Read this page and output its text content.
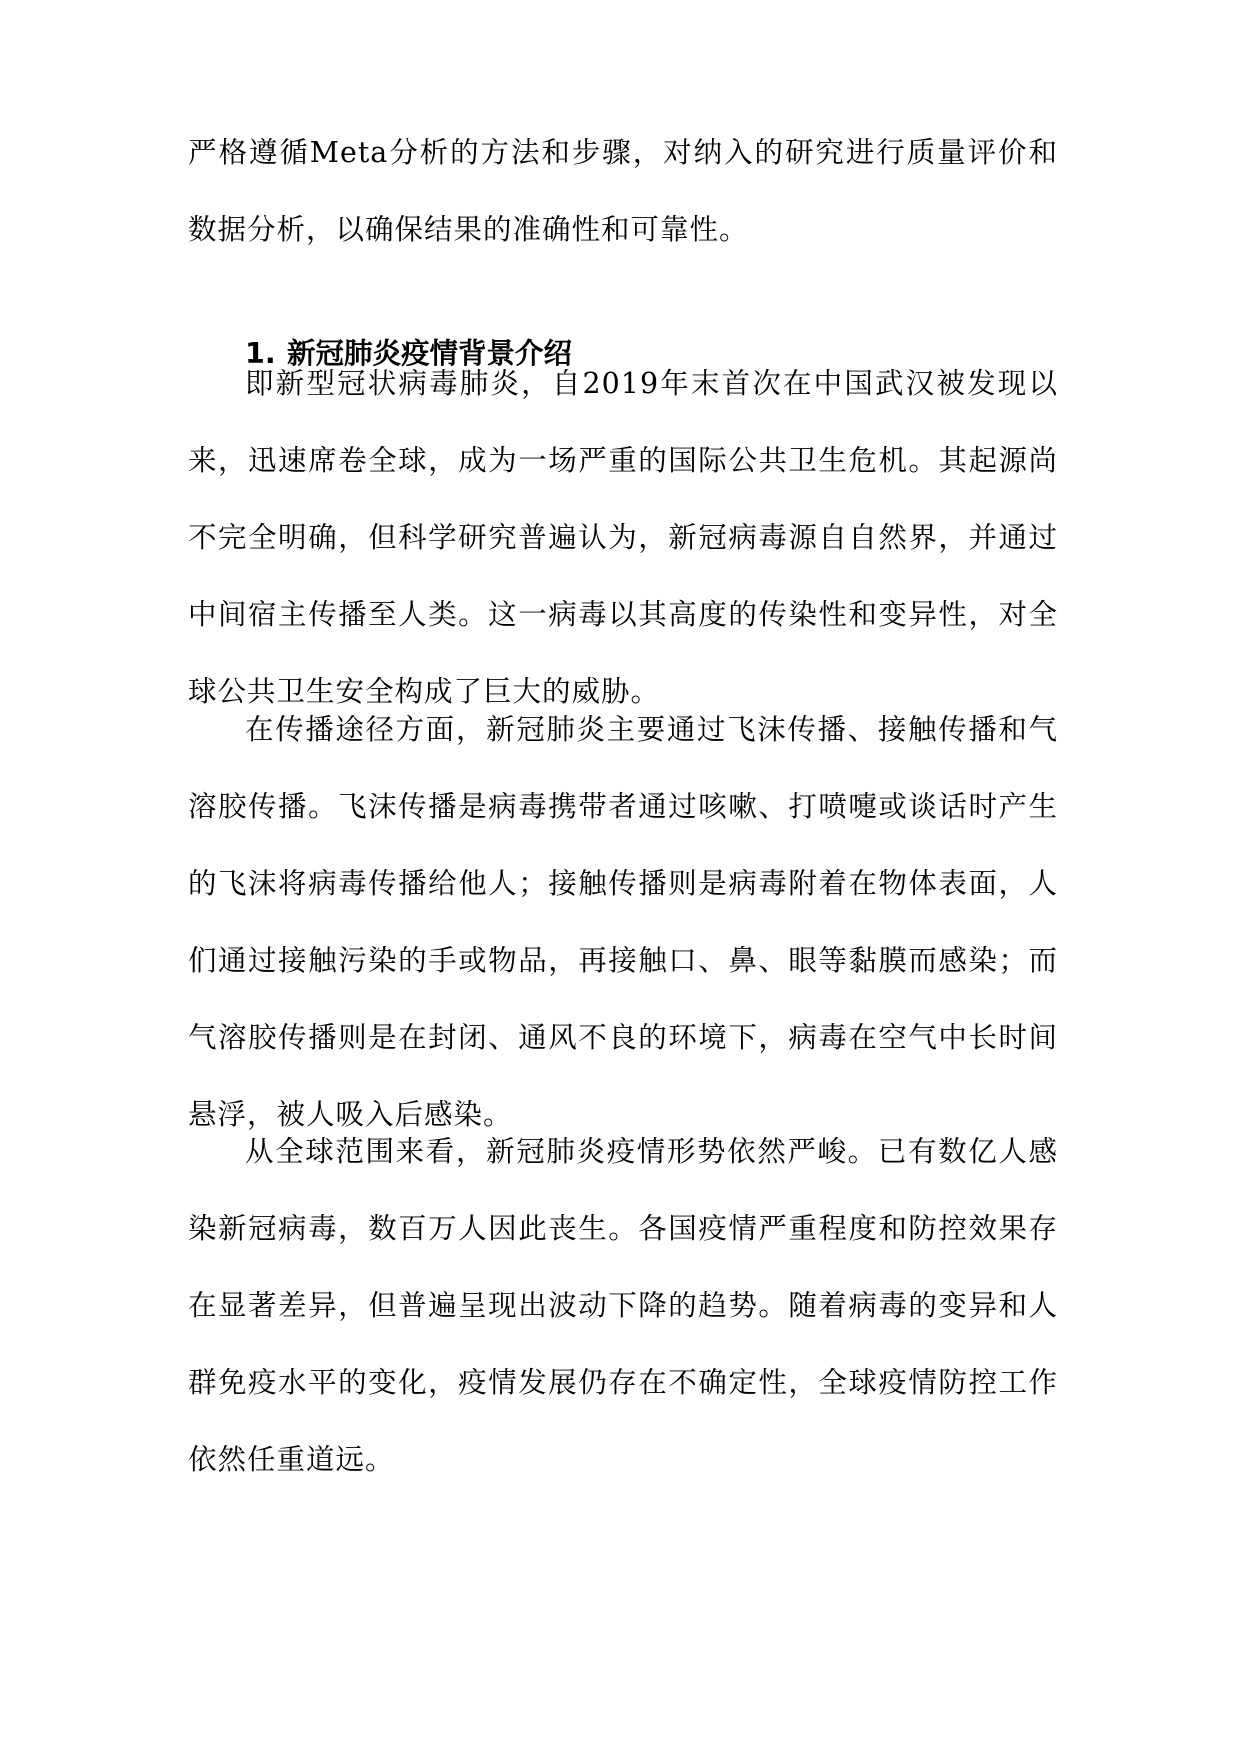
严格遵循Meta分析的方法和步骤，对纳入的研究进行质量评价和数据分析，以确保结果的准确性和可靠性。

1. 新冠肺炎疫情背景介绍

即新型冠状病毒肺炎，自2019年末首次在中国武汉被发现以来，迅速席卷全球，成为一场严重的国际公共卫生危机。其起源尚不完全明确，但科学研究普遍认为，新冠病毒源自自然界，并通过中间宿主传播至人类。这一病毒以其高度的传染性和变异性，对全球公共卫生安全构成了巨大的威胁。

在传播途径方面，新冠肺炎主要通过飞沫传播、接触传播和气溶胶传播。飞沫传播是病毒携带者通过咳嗽、打喷嚏或谈话时产生的飞沫将病毒传播给他人；接触传播则是病毒附着在物体表面，人们通过接触污染的手或物品，再接触口、鼻、眼等黏膜而感染；而气溶胶传播则是在封闭、通风不良的环境下，病毒在空气中长时间悬浮，被人吸入后感染。

从全球范围来看，新冠肺炎疫情形势依然严峻。已有数亿人感染新冠病毒，数百万人因此丧生。各国疫情严重程度和防控效果存在显著差异，但普遍呈现出波动下降的趋势。随着病毒的变异和人群免疫水平的变化，疫情发展仍存在不确定性，全球疫情防控工作依然任重道远。
